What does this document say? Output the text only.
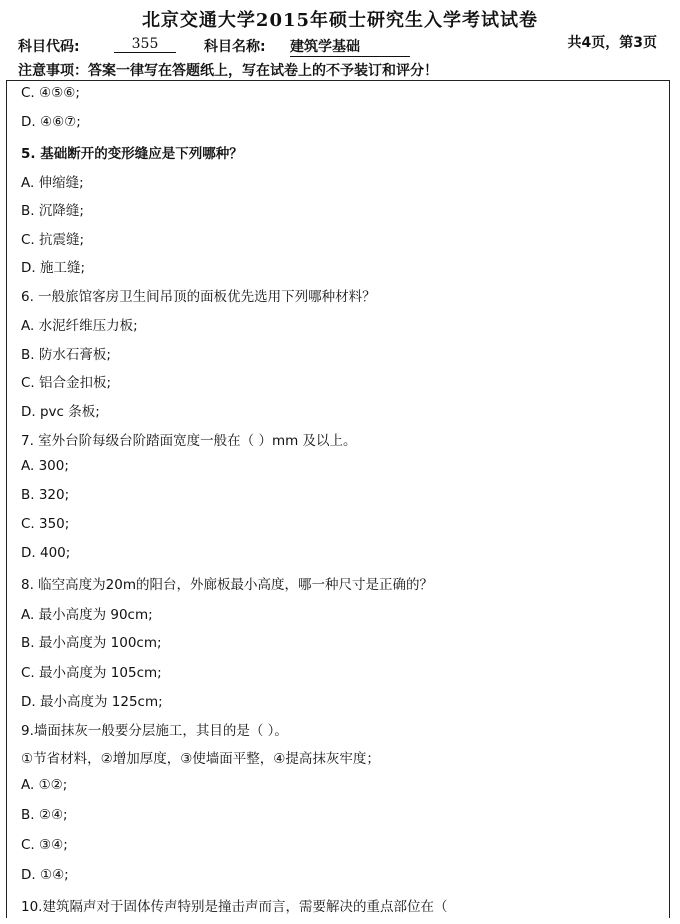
北京交通大学2015年硕士研究生入学考试试卷
科目代码:	355	科目名称: 建筑学基础	共4页，第3页
注意事项：答案一律写在答题纸上，写在试卷上的不予装订和评分！
C. ④⑤⑥;
D. ④⑥⑦;
5. 基础断开的变形缝应是下列哪种？
A. 伸缩缝;
B. 沉降缝;
C. 抗震缝;
D. 施工缝;
6. 一般旅馆客房卫生间吊顶的面板优先选用下列哪种材料？
A. 水泥纤维压力板;
B. 防水石膏板;
C. 铝合金扣板;
D. pvc 条板;
7. 室外台阶每级台阶踏面宽度一般在（ ）mm 及以上。
A. 300;
B. 320;
C. 350;
D. 400;
8. 临空高度为20m的阳台，外廊板最小高度，哪一种尺寸是正确的？
A. 最小高度为 90cm;
B. 最小高度为 100cm;
C. 最小高度为 105cm;
D. 最小高度为 125cm;
9.墙面抹灰一般要分层施工，其目的是（ ）。
①节省材料，②增加厚度，③使墙面平整，④提高抹灰牢度；
A. ①②;
B. ②④;
C. ③④;
D. ①④;
10.建筑隔声对于固体传声特别是撞击声而言，需要解决的重点部位在（
